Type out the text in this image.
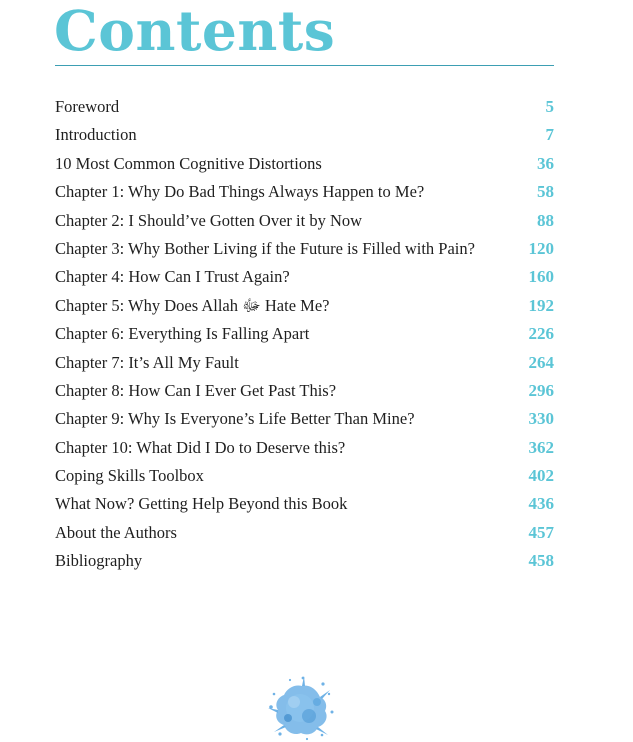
Contents
Foreword	5
Introduction	7
10 Most Common Cognitive Distortions	36
Chapter 1: Why Do Bad Things Always Happen to Me?	58
Chapter 2: I Should’ve Gotten Over it by Now	88
Chapter 3: Why Bother Living if the Future is Filled with Pain?	120
Chapter 4: How Can I Trust Again?	160
Chapter 5: Why Does Allah ﷻ Hate Me?	192
Chapter 6: Everything Is Falling Apart	226
Chapter 7: It’s All My Fault	264
Chapter 8: How Can I Ever Get Past This?	296
Chapter 9: Why Is Everyone’s Life Better Than Mine?	330
Chapter 10: What Did I Do to Deserve this?	362
Coping Skills Toolbox	402
What Now? Getting Help Beyond this Book	436
About the Authors	457
Bibliography	458
